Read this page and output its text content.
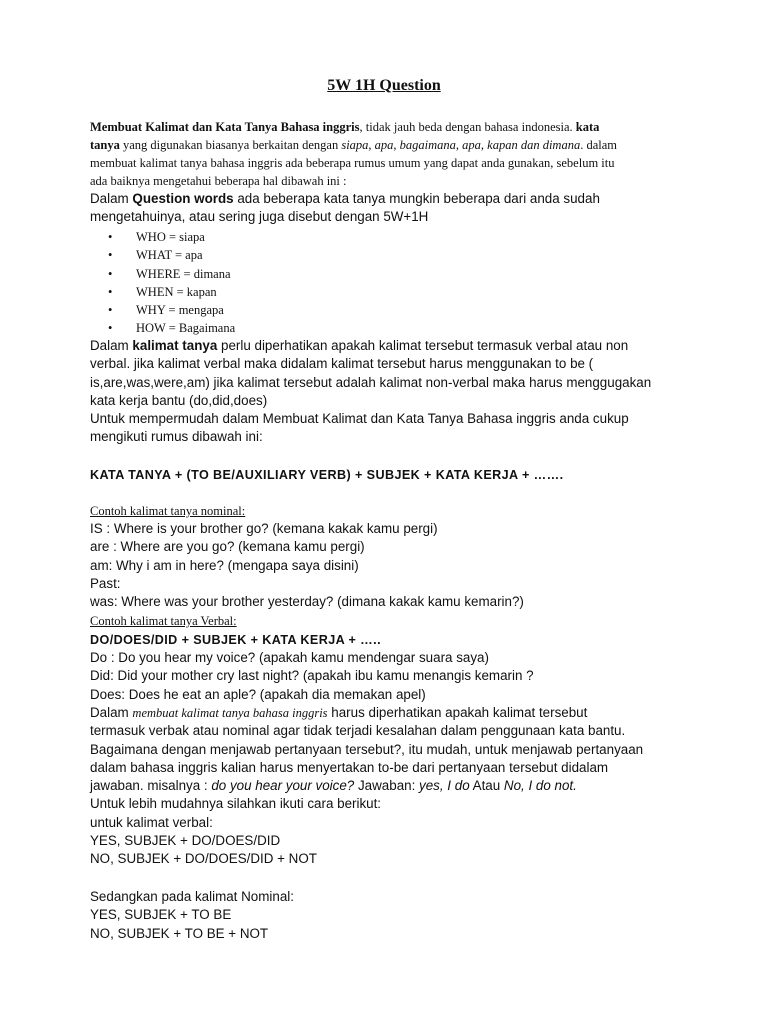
5W 1H Question
Membuat Kalimat dan Kata Tanya Bahasa inggris, tidak jauh beda dengan bahasa indonesia. kata
tanya yang digunakan biasanya berkaitan dengan siapa, apa, bagaimana, apa, kapan dan dimana. dalam
membuat kalimat tanya bahasa inggris ada beberapa rumus umum yang dapat anda gunakan, sebelum itu
ada baiknya mengetahui beberapa hal dibawah ini :
Dalam Question words ada beberapa kata tanya mungkin beberapa dari anda sudah
mengetahuinya, atau sering juga disebut dengan 5W+1H
• WHO = siapa
• WHAT = apa
• WHERE = dimana
• WHEN = kapan
• WHY = mengapa
• HOW = Bagaimana
Dalam kalimat tanya perlu diperhatikan apakah kalimat tersebut termasuk verbal atau non
verbal. jika kalimat verbal maka didalam kalimat tersebut harus menggunakan to be (
is,are,was,were,am) jika kalimat tersebut adalah kalimat non-verbal maka harus menggugakan
kata kerja bantu (do,did,does)
Untuk mempermudah dalam Membuat Kalimat dan Kata Tanya Bahasa inggris anda cukup
mengikuti rumus dibawah ini:
KATA TANYA + (TO BE/AUXILIARY VERB) + SUBJEK + KATA KERJA + …….
Contoh kalimat tanya nominal:
IS : Where is your brother go? (kemana kakak kamu pergi)
are : Where are you go? (kemana kamu pergi)
am: Why i am in here? (mengapa saya disini)
Past:
was: Where was your brother yesterday? (dimana kakak kamu kemarin?)
Contoh kalimat tanya Verbal:
DO/DOES/DID + SUBJEK + KATA KERJA + …..
Do : Do you hear my voice? (apakah kamu mendengar suara saya)
Did: Did your mother cry last night? (apakah ibu kamu menangis kemarin ?
Does: Does he eat an aple? (apakah dia memakan apel)
Dalam membuat kalimat tanya bahasa inggris harus diperhatikan apakah kalimat tersebut
termasuk verbak atau nominal agar tidak terjadi kesalahan dalam penggunaan kata bantu.
Bagaimana dengan menjawab pertanyaan tersebut?, itu mudah, untuk menjawab pertanyaan
dalam bahasa inggris kalian harus menyertakan to-be dari pertanyaan tersebut didalam
jawaban. misalnya : do you hear your voice? Jawaban: yes, I do Atau No, I do not.
Untuk lebih mudahnya silahkan ikuti cara berikut:
untuk kalimat verbal:
YES, SUBJEK + DO/DOES/DID
NO, SUBJEK + DO/DOES/DID + NOT
Sedangkan pada kalimat Nominal:
YES, SUBJEK + TO BE
NO, SUBJEK + TO BE + NOT
